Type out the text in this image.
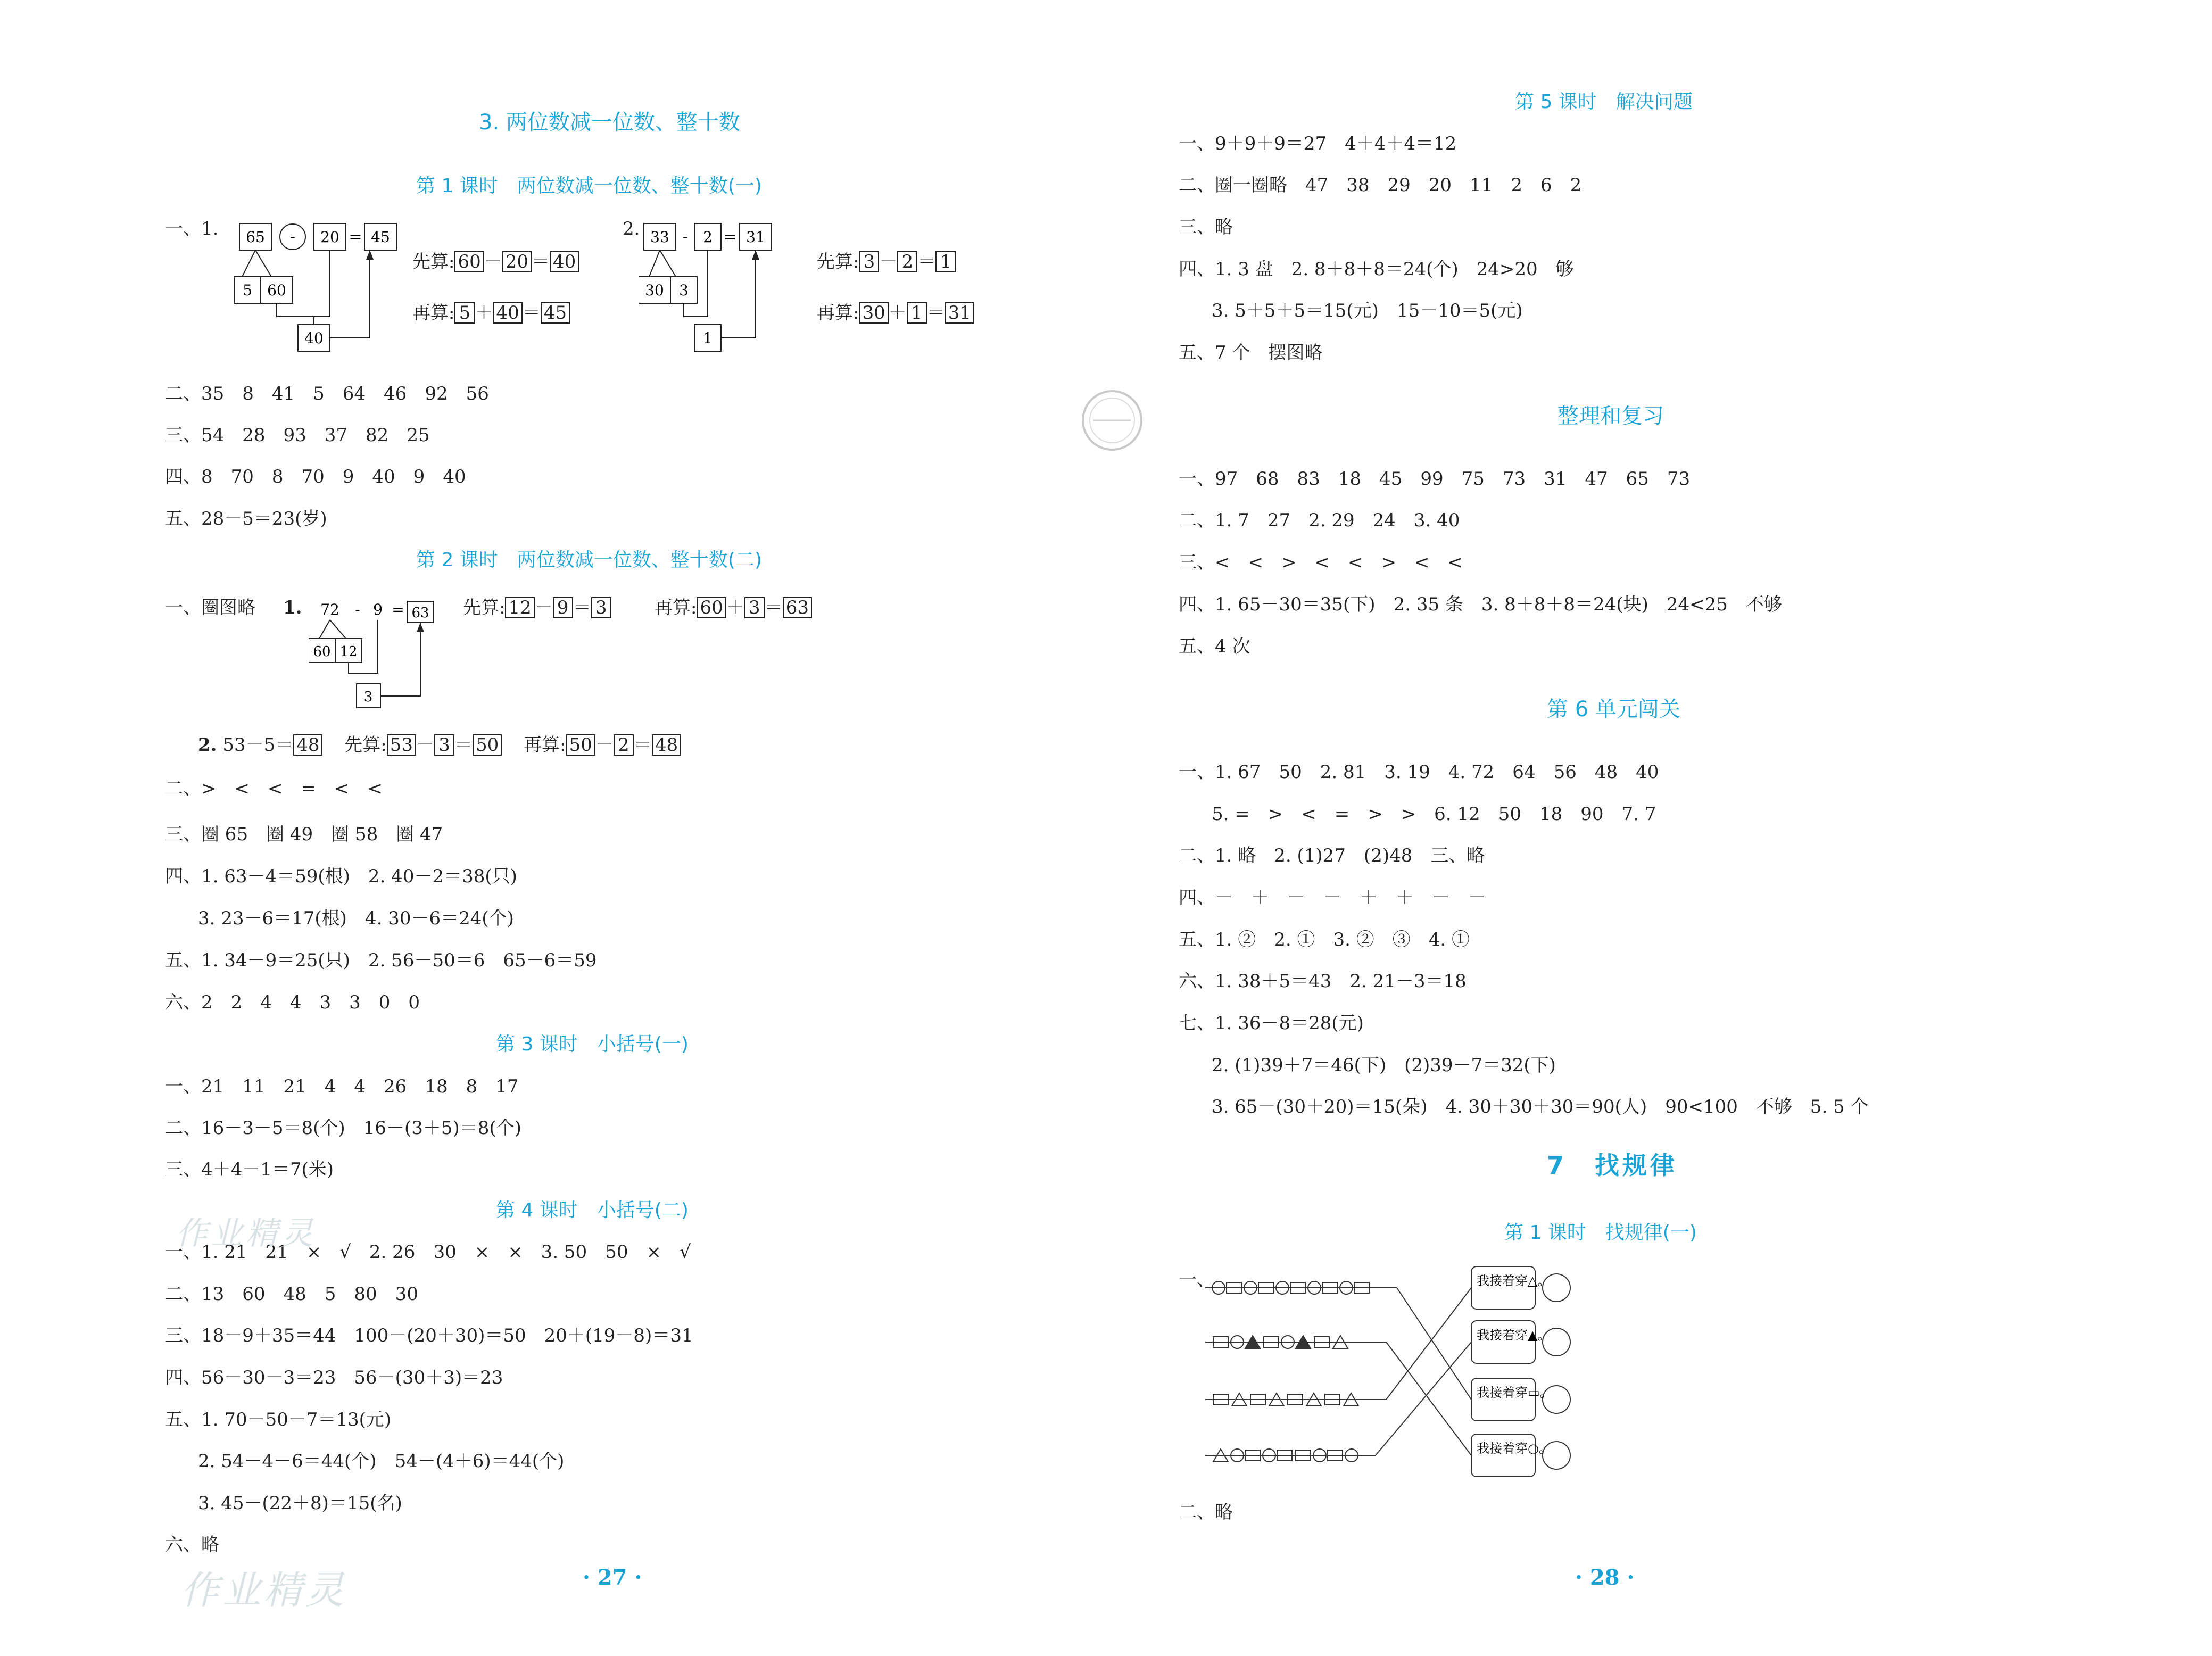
3. 两位数减一位数、整十数
第 1 课时　两位数减一位数、整十数(一)
一、1. 65 - 20 = 45
5 60
40
先算: 60 － 20 ＝ 40
再算: 5 ＋ 40 ＝ 45
2. 33 - 2 = 31
30 3
1
先算: 3 － 2 ＝ 1
再算: 30 ＋ 1 ＝ 31
二、35　8　41　5　64　46　92　56
三、54　28　93　37　82　25
四、8　70　8　70　9　40　9　40
五、28－5＝23(岁)
第 2 课时　两位数减一位数、整十数(二)
一、圈图略 1. 72 - 9 = 63
60 12
3
先算: 12 － 9 ＝ 3	再算: 60 ＋ 3 ＝ 63
2. 53－5＝ 48 先算: 53 － 3 ＝ 50 再算: 50 － 2 ＝ 48
二、>　<　<　=　<　<
三、圈 65　圈 49　圈 58　圈 47
四、1. 63－4＝59(根)　2. 40－2＝38(只)
3. 23－6＝17(根)　4. 30－6＝24(个)
五、1. 34－9＝25(只)　2. 56－50＝6　65－6＝59
六、2　2　4　4　3　3　0　0
第 3 课时　小括号(一)
一、21　11　21　4　4　26　18　8　17
二、16－3－5＝8(个)　16－(3＋5)＝8(个)
三、4＋4－1＝7(米)
第 4 课时　小括号(二)
一、1. 21　21　×　√　2. 26　30　×　×　3. 50　50　×　√
二、13　60　48　5　80　30
三、18－9＋35＝44　100－(20＋30)＝50　20＋(19－8)＝31
四、56－30－3＝23　56－(30＋3)＝23
五、1. 70－50－7＝13(元)
2. 54－4－6＝44(个)　54－(4＋6)＝44(个)
3. 45－(22＋8)＝15(名)
六、略
作业精灵
作业精灵	· 27 ·
第 5 课时　解决问题
一、9＋9＋9＝27　4＋4＋4＝12
二、圈一圈略　47　38　29　20　11　2　6　2
三、略
四、1. 3 盘　2. 8＋8＋8＝24(个)　24>20　够
3. 5＋5＋5＝15(元)　15－10＝5(元)
五、7 个　摆图略
整理和复习
一、97　68　83　18　45　99　75　73　31　47　65　73
二、1. 7　27　2. 29　24　3. 40
三、<　<　>　<　<　>　<　<
四、1. 65－30＝35(下)　2. 35 条　3. 8＋8＋8＝24(块)　24<25　不够
五、4 次
第 6 单元闯关
一、1. 67　50　2. 81　3. 19　4. 72　64　56　48　40
5. =　>　<　=　>　>　6. 12　50　18　90　7. 7
二、1. 略　2. (1)27　(2)48　三、略
四、－　＋　－　－　＋　＋　－　－
五、1. ②　2. ①　3. ②　③　4. ①
六、1. 38＋5＝43　2. 21－3＝18
七、1. 36－8＝28(元)
2. (1)39＋7＝46(下)　(2)39－7＝32(下)
3. 65－(30＋20)＝15(朵)　4. 30＋30＋30＝90(人)　90<100　不够　5. 5 个
7　找规律
第 1 课时　找规律(一)
一、	我接着穿△。
我接着穿▲。
我接着穿▭。
我接着穿○。
二、略
· 28 ·
